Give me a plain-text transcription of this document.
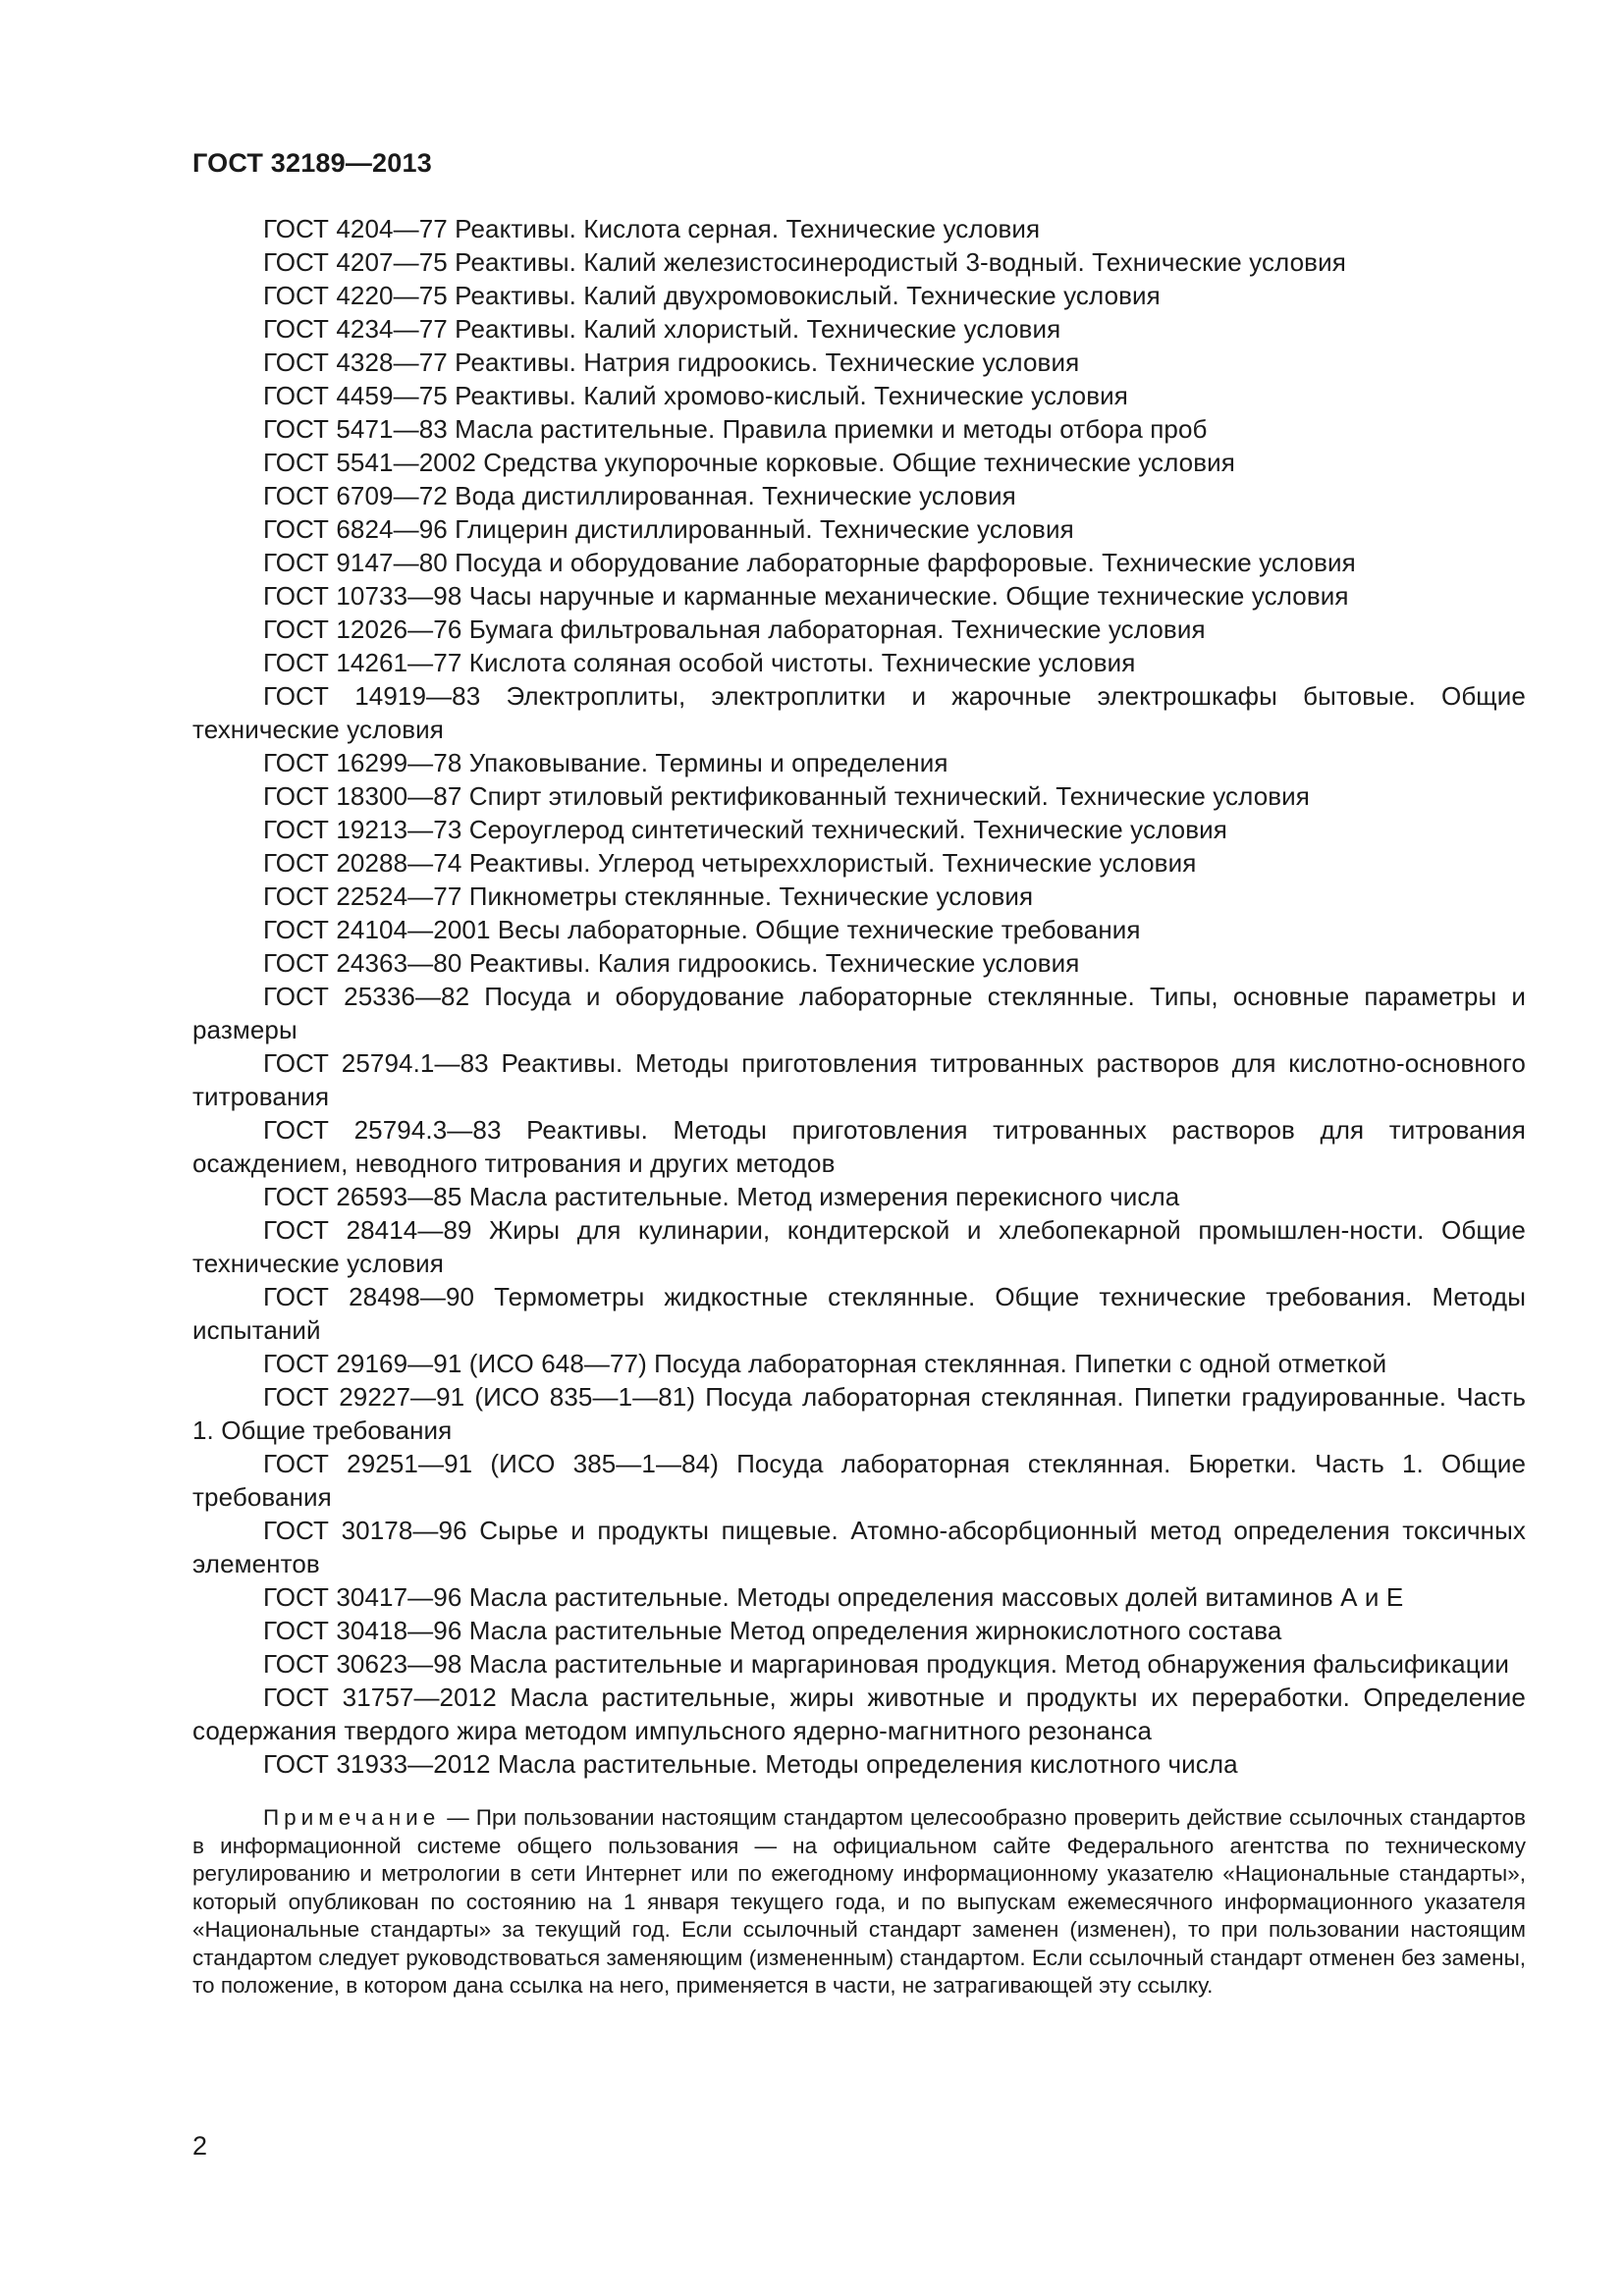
ГОСТ 32189—2013

ГОСТ 4204—77 Реактивы. Кислота серная. Технические условия

ГОСТ 4207—75 Реактивы. Калий железистосинеродистый 3-водный. Технические условия

ГОСТ 4220—75 Реактивы. Калий двухромовокислый. Технические условия

ГОСТ 4234—77 Реактивы. Калий хлористый. Технические условия

ГОСТ 4328—77 Реактивы. Натрия гидроокись. Технические условия

ГОСТ 4459—75 Реактивы. Калий хромово-кислый. Технические условия

ГОСТ 5471—83 Масла растительные. Правила приемки и методы отбора проб

ГОСТ 5541—2002 Средства укупорочные корковые. Общие технические условия

ГОСТ 6709—72 Вода дистиллированная. Технические условия

ГОСТ 6824—96 Глицерин дистиллированный. Технические условия

ГОСТ 9147—80 Посуда и оборудование лабораторные фарфоровые. Технические условия

ГОСТ 10733—98 Часы наручные и карманные механические. Общие технические условия

ГОСТ 12026—76 Бумага фильтровальная лабораторная. Технические условия

ГОСТ 14261—77 Кислота соляная особой чистоты. Технические условия

ГОСТ 14919—83 Электроплиты, электроплитки и жарочные электрошкафы бытовые. Общие технические условия

ГОСТ 16299—78 Упаковывание. Термины и определения

ГОСТ 18300—87 Спирт этиловый ректификованный технический. Технические условия

ГОСТ 19213—73 Сероуглерод синтетический технический. Технические условия

ГОСТ 20288—74 Реактивы. Углерод четыреххлористый. Технические условия

ГОСТ 22524—77 Пикнометры стеклянные. Технические условия

ГОСТ 24104—2001 Весы лабораторные. Общие технические требования

ГОСТ 24363—80 Реактивы. Калия гидроокись. Технические условия

ГОСТ 25336—82 Посуда и оборудование лабораторные стеклянные. Типы, основные параметры и размеры

ГОСТ 25794.1—83 Реактивы. Методы приготовления титрованных растворов для кислотно-основного титрования

ГОСТ 25794.3—83 Реактивы. Методы приготовления титрованных растворов для титрования осаждением, неводного титрования и других методов

ГОСТ 26593—85 Масла растительные. Метод измерения перекисного числа

ГОСТ 28414—89 Жиры для кулинарии, кондитерской и хлебопекарной промышлен-ности. Общие технические условия

ГОСТ 28498—90 Термометры жидкостные стеклянные. Общие технические требования. Методы испытаний

ГОСТ 29169—91 (ИСО 648—77) Посуда лабораторная стеклянная. Пипетки с одной отметкой

ГОСТ 29227—91 (ИСО 835—1—81) Посуда лабораторная стеклянная. Пипетки градуированные. Часть 1. Общие требования

ГОСТ 29251—91 (ИСО 385—1—84) Посуда лабораторная стеклянная. Бюретки. Часть 1. Общие требования

ГОСТ 30178—96 Сырье и продукты пищевые. Атомно-абсорбционный метод определения токсичных элементов

ГОСТ 30417—96 Масла растительные. Методы определения массовых долей витаминов А и Е

ГОСТ 30418—96 Масла растительные Метод определения жирнокислотного состава

ГОСТ 30623—98 Масла растительные и маргариновая продукция. Метод обнаружения фальсификации

ГОСТ 31757—2012 Масла растительные, жиры животные и продукты их переработки. Определение содержания твердого жира методом импульсного ядерно-магнитного резонанса

ГОСТ 31933—2012 Масла растительные. Методы определения кислотного числа

Примечание — При пользовании настоящим стандартом целесообразно проверить действие ссылочных стандартов в информационной системе общего пользования — на официальном сайте Федерального агентства по техническому регулированию и метрологии в сети Интернет или по ежегодному информационному указателю «Национальные стандарты», который опубликован по состоянию на 1 января текущего года, и по выпускам ежемесячного информационного указателя «Национальные стандарты» за текущий год. Если ссылочный стандарт заменен (изменен), то при пользовании настоящим стандартом следует руководствоваться заменяющим (измененным) стандартом. Если ссылочный стандарт отменен без замены, то положение, в котором дана ссылка на него, применяется в части, не затрагивающей эту ссылку.

2
